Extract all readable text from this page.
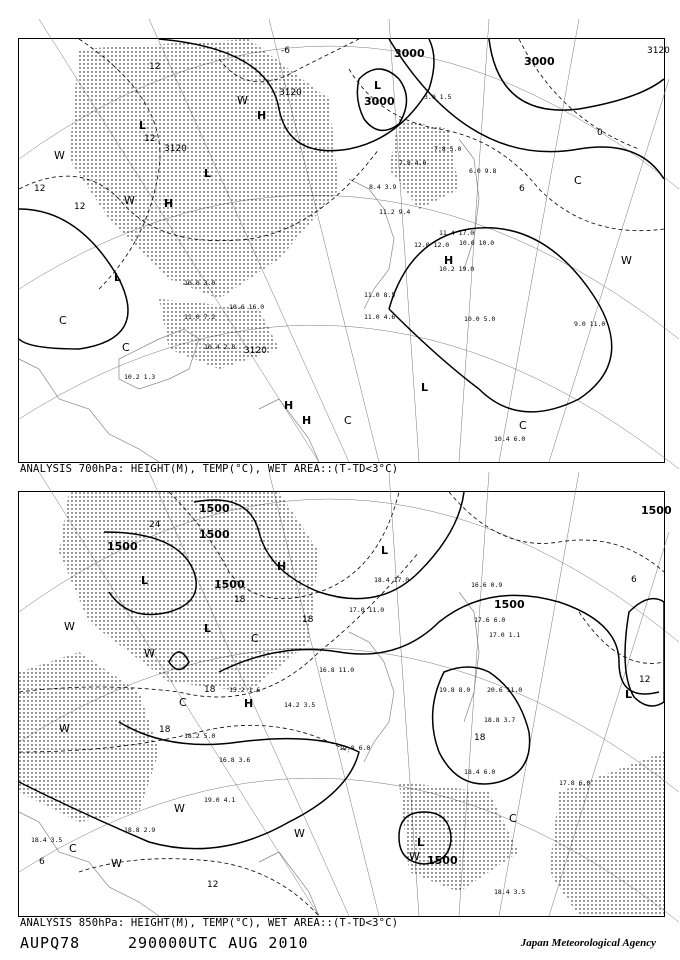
3000
3000
3000
3120
3120
3120
3120
12
12
12
12
6
-6
0
L
L
L
L
L
H
H
H
H
H
W
W
W
W
C
C
C	C
C
10.4 6.0
10.0 5.0
9.0 11.0
10.2 19.0
11.4 17.0
10.0 10.0
12.0 12.0
11.2 9.4
7.8 5.0
7.8 4.0
8.4 3.9
6.0 9.8
3.0 1.5
11.0 8.5
11.0 4.6
10.6 16.0
11.0 7.2
10.4 2.8
10.2 1.3
10.0 3.0
ANALYSIS 700hPa: HEIGHT(M), TEMP(°C), WET AREA::(T-TD<3°C)
1500
1500
1500
1500
1500
1500
1500
24
18
18
18
18
18
12
6
6
12
L
L
L
L
L
H
H
W
W
W
W
W
W
W
C
C
C
C
18.4 3.5
18.4 6.0
17.8 6.0
19.8 8.0	20.6 11.0
18.8 3.7
19.8 6.0
16.6 0.9
17.6 6.0
17.0 1.1
18.4 3.5
19.0 4.1
18.8 2.9
18.2 5.0
16.8 3.6
15.2 1.6
14.2 3.5
16.8 11.0
17.0 11.0
18.4 17.0
ANALYSIS 850hPa: HEIGHT(M), TEMP(°C), WET AREA::(T-TD<3°C)
AUPQ78	290000UTC AUG 2010	Japan Meteorological Agency
